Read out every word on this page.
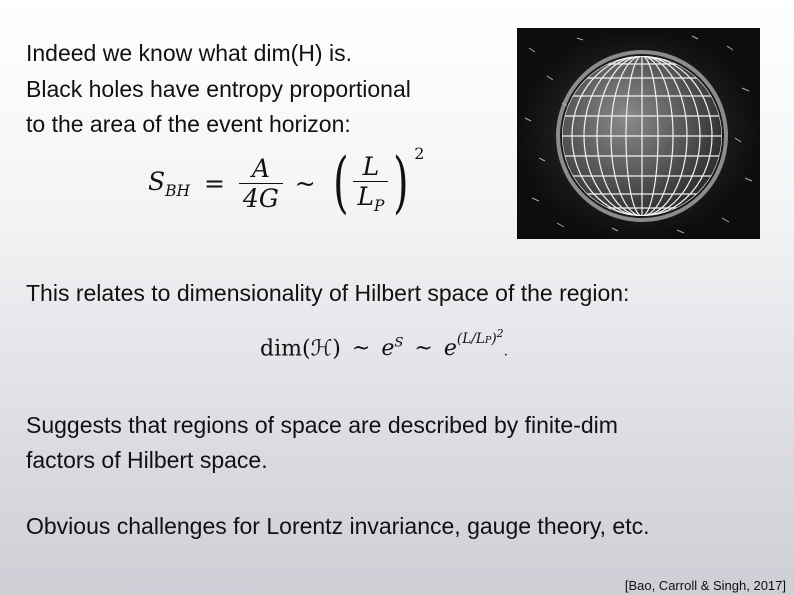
Indeed we know what dim(H) is.
Black holes have entropy proportional
to the area of the event horizon:
$S_{BH} = \frac{A}{4G}$ ~ ( $\frac{L}{L_P}$ ) $^2$
This relates to dimensionality of Hilbert space of the region:
dim(ℋ) ~ $e^S$ ~ $e^{(L/LP)^2}$.
Suggests that regions of space are described by finite-dim
factors of Hilbert space.
Obvious challenges for Lorentz invariance, gauge theory, etc.
[Bao, Carroll & Singh, 2017]
